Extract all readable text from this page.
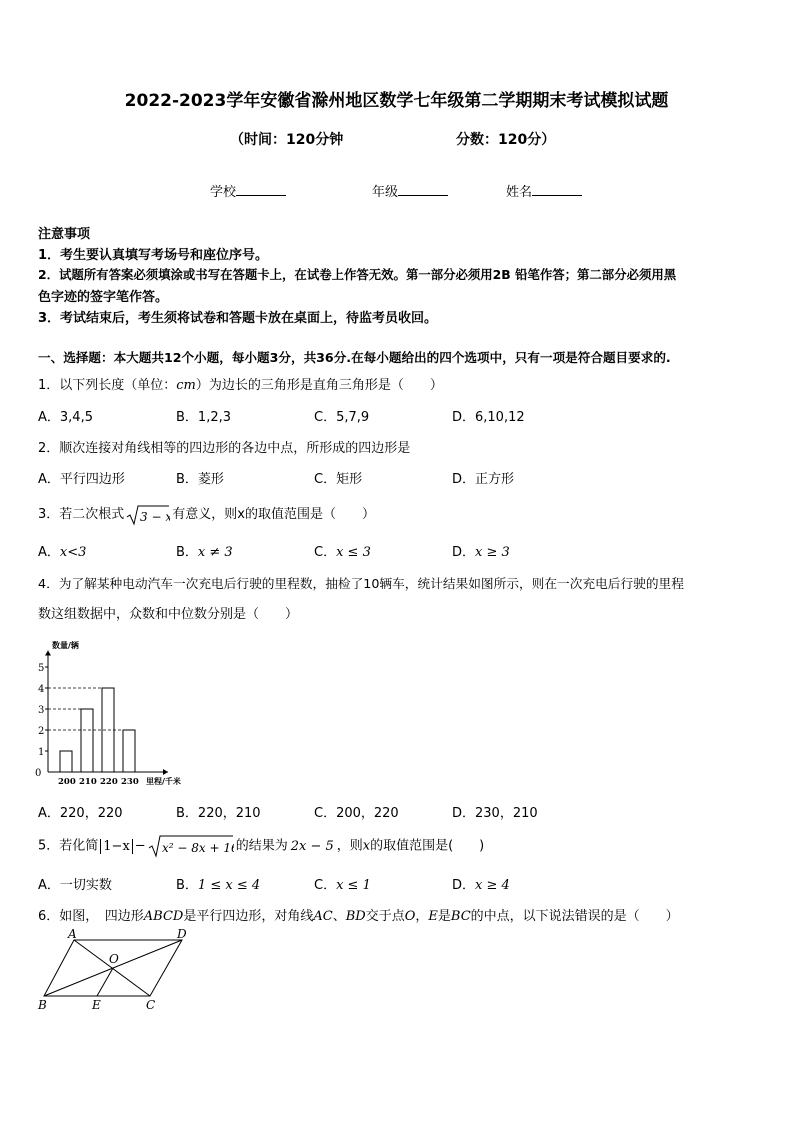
2022-2023学年安徽省滁州地区数学七年级第二学期期末考试模拟试题
（时间：120分钟	分数：120分）
学校	年级	姓名
注意事项
1．考生要认真填写考场号和座位序号。
2．试题所有答案必须填涂或书写在答题卡上，在试卷上作答无效。第一部分必须用2B 铅笔作答；第二部分必须用黑
色字迹的签字笔作答。
3．考试结束后，考生须将试卷和答题卡放在桌面上，待监考员收回。
一、选择题：本大题共12个小题，每小题3分，共36分.在每小题给出的四个选项中，只有一项是符合题目要求的.
1．以下列长度（单位：cm）为边长的三角形是直角三角形是（　　）
A．3,4,5	B．1,2,3	C．5,7,9	D．6,10,12
2．顺次连接对角线相等的四边形的各边中点，所形成的四边形是
A．平行四边形	B．菱形	C．矩形	D．正方形
3．若二次根式 3 − x 有意义，则x的取值范围是（　　）
A．x<3	B．x ≠ 3	C．x ≤ 3	D．x ≥ 3
4．为了解某种电动汽车一次充电后行驶的里程数，抽检了10辆车，统计结果如图所示，则在一次充电后行驶的里程
数这组数据中，众数和中位数分别是（　　）
1
2
3
4
5
0
数量/辆
200 210 220 230 里程/千米
A．220，220	B．220，210	C．200，220	D．230，210
5．若化简 1−x − x² − 8x + 16
的结果为 2x − 5 ，则x的取值范围是(　　)
A．一切实数	B．1 ≤ x ≤ 4	C．x ≤ 1	D．x ≥ 4
6．如图，　四边形ABCD是平行四边形，对角线AC、BD交于点O，E是BC的中点，以下说法错误的是（　　）
A	D
O
B	E	C
